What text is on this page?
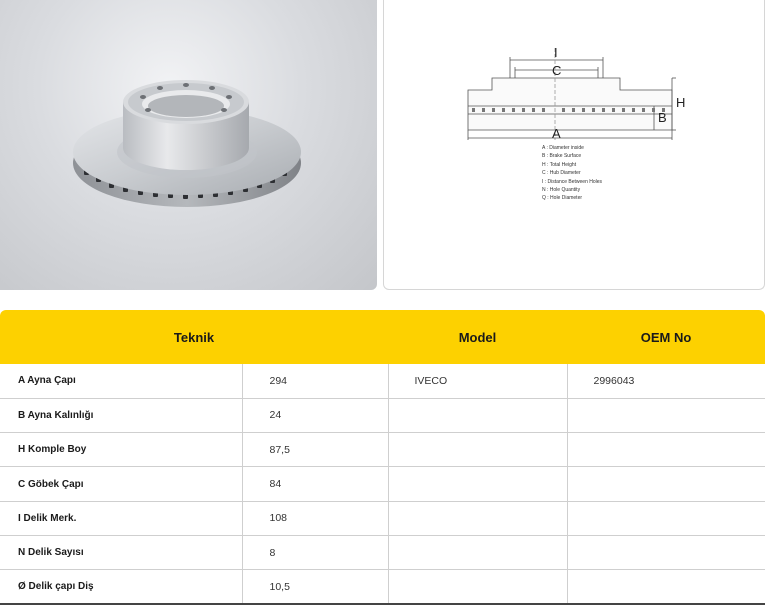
I
C
H
B
A
A : Diameter inside
B : Brake Surface
H : Total Height
C : Hub Diameter
I : Distance Between Holes
N : Hole Quantity
Q : Hole Diameter
Teknik		Model	OEM No
A Ayna Çapı	294	IVECO	2996043
B Ayna Kalınlığı	24		
H Komple Boy	87,5		
C Göbek Çapı	84		
I Delik Merk.	108		
N Delik Sayısı	8		
Ø Delik çapı Diş	10,5		
